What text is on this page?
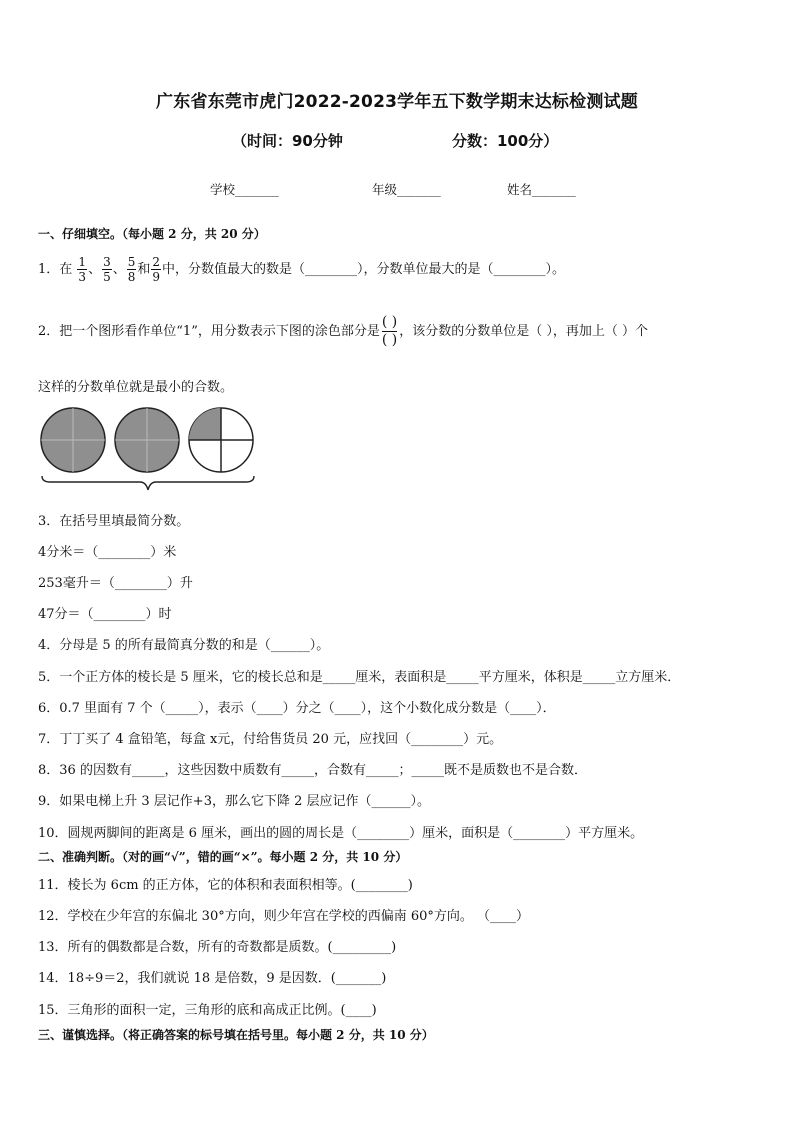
广东省东莞市虎门2022-2023学年五下数学期末达标检测试题
（时间：90分钟	分数：100分）
学校_______	年级_______	姓名_______
一、仔细填空。（每小题 2 分，共 20 分）
1．在 $\frac{1}{3}$ 、 $\frac{3}{5}$ 、 $\frac{5}{8}$ 和 $\frac{2}{9}$ 中，分数值最大的数是（________），分数单位最大的是（________）。
2．把一个图形看作单位“1”，用分数表示下图的涂色部分是 $\frac{( )}{( )}$ ，该分数的分数单位是（ ），再加上（ ）个
这样的分数单位就是最小的合数。
3．在括号里填最简分数。
4分米＝（________）米
253毫升＝（________）升
47分＝（________）时
4．分母是 5 的所有最简真分数的和是（______）。
5．一个正方体的棱长是 5 厘米，它的棱长总和是_____厘米，表面积是_____平方厘米，体积是_____立方厘米．
6．0.7 里面有 7 个（_____），表示（____）分之（____），这个小数化成分数是（____）．
7．丁丁买了 4 盒铅笔，每盒 x元，付给售货员 20 元，应找回（________）元。
8．36 的因数有_____，这些因数中质数有_____，合数有_____；_____既不是质数也不是合数．
9．如果电梯上升 3 层记作+3，那么它下降 2 层应记作（______）。
10．圆规两脚间的距离是 6 厘米，画出的圆的周长是（________）厘米，面积是（________）平方厘米。
二、准确判断。（对的画“√”，错的画“×”。每小题 2 分，共 10 分）
11．棱长为 6cm 的正方体，它的体积和表面积相等。(________)
12．学校在少年宫的东偏北 30°方向，则少年宫在学校的西偏南 60°方向。 （____）
13．所有的偶数都是合数，所有的奇数都是质数。(_________)
14．18÷9＝2，我们就说 18 是倍数，9 是因数．(_______)
15．三角形的面积一定，三角形的底和高成正比例。(____)
三、谨慎选择。（将正确答案的标号填在括号里。每小题 2 分，共 10 分）
